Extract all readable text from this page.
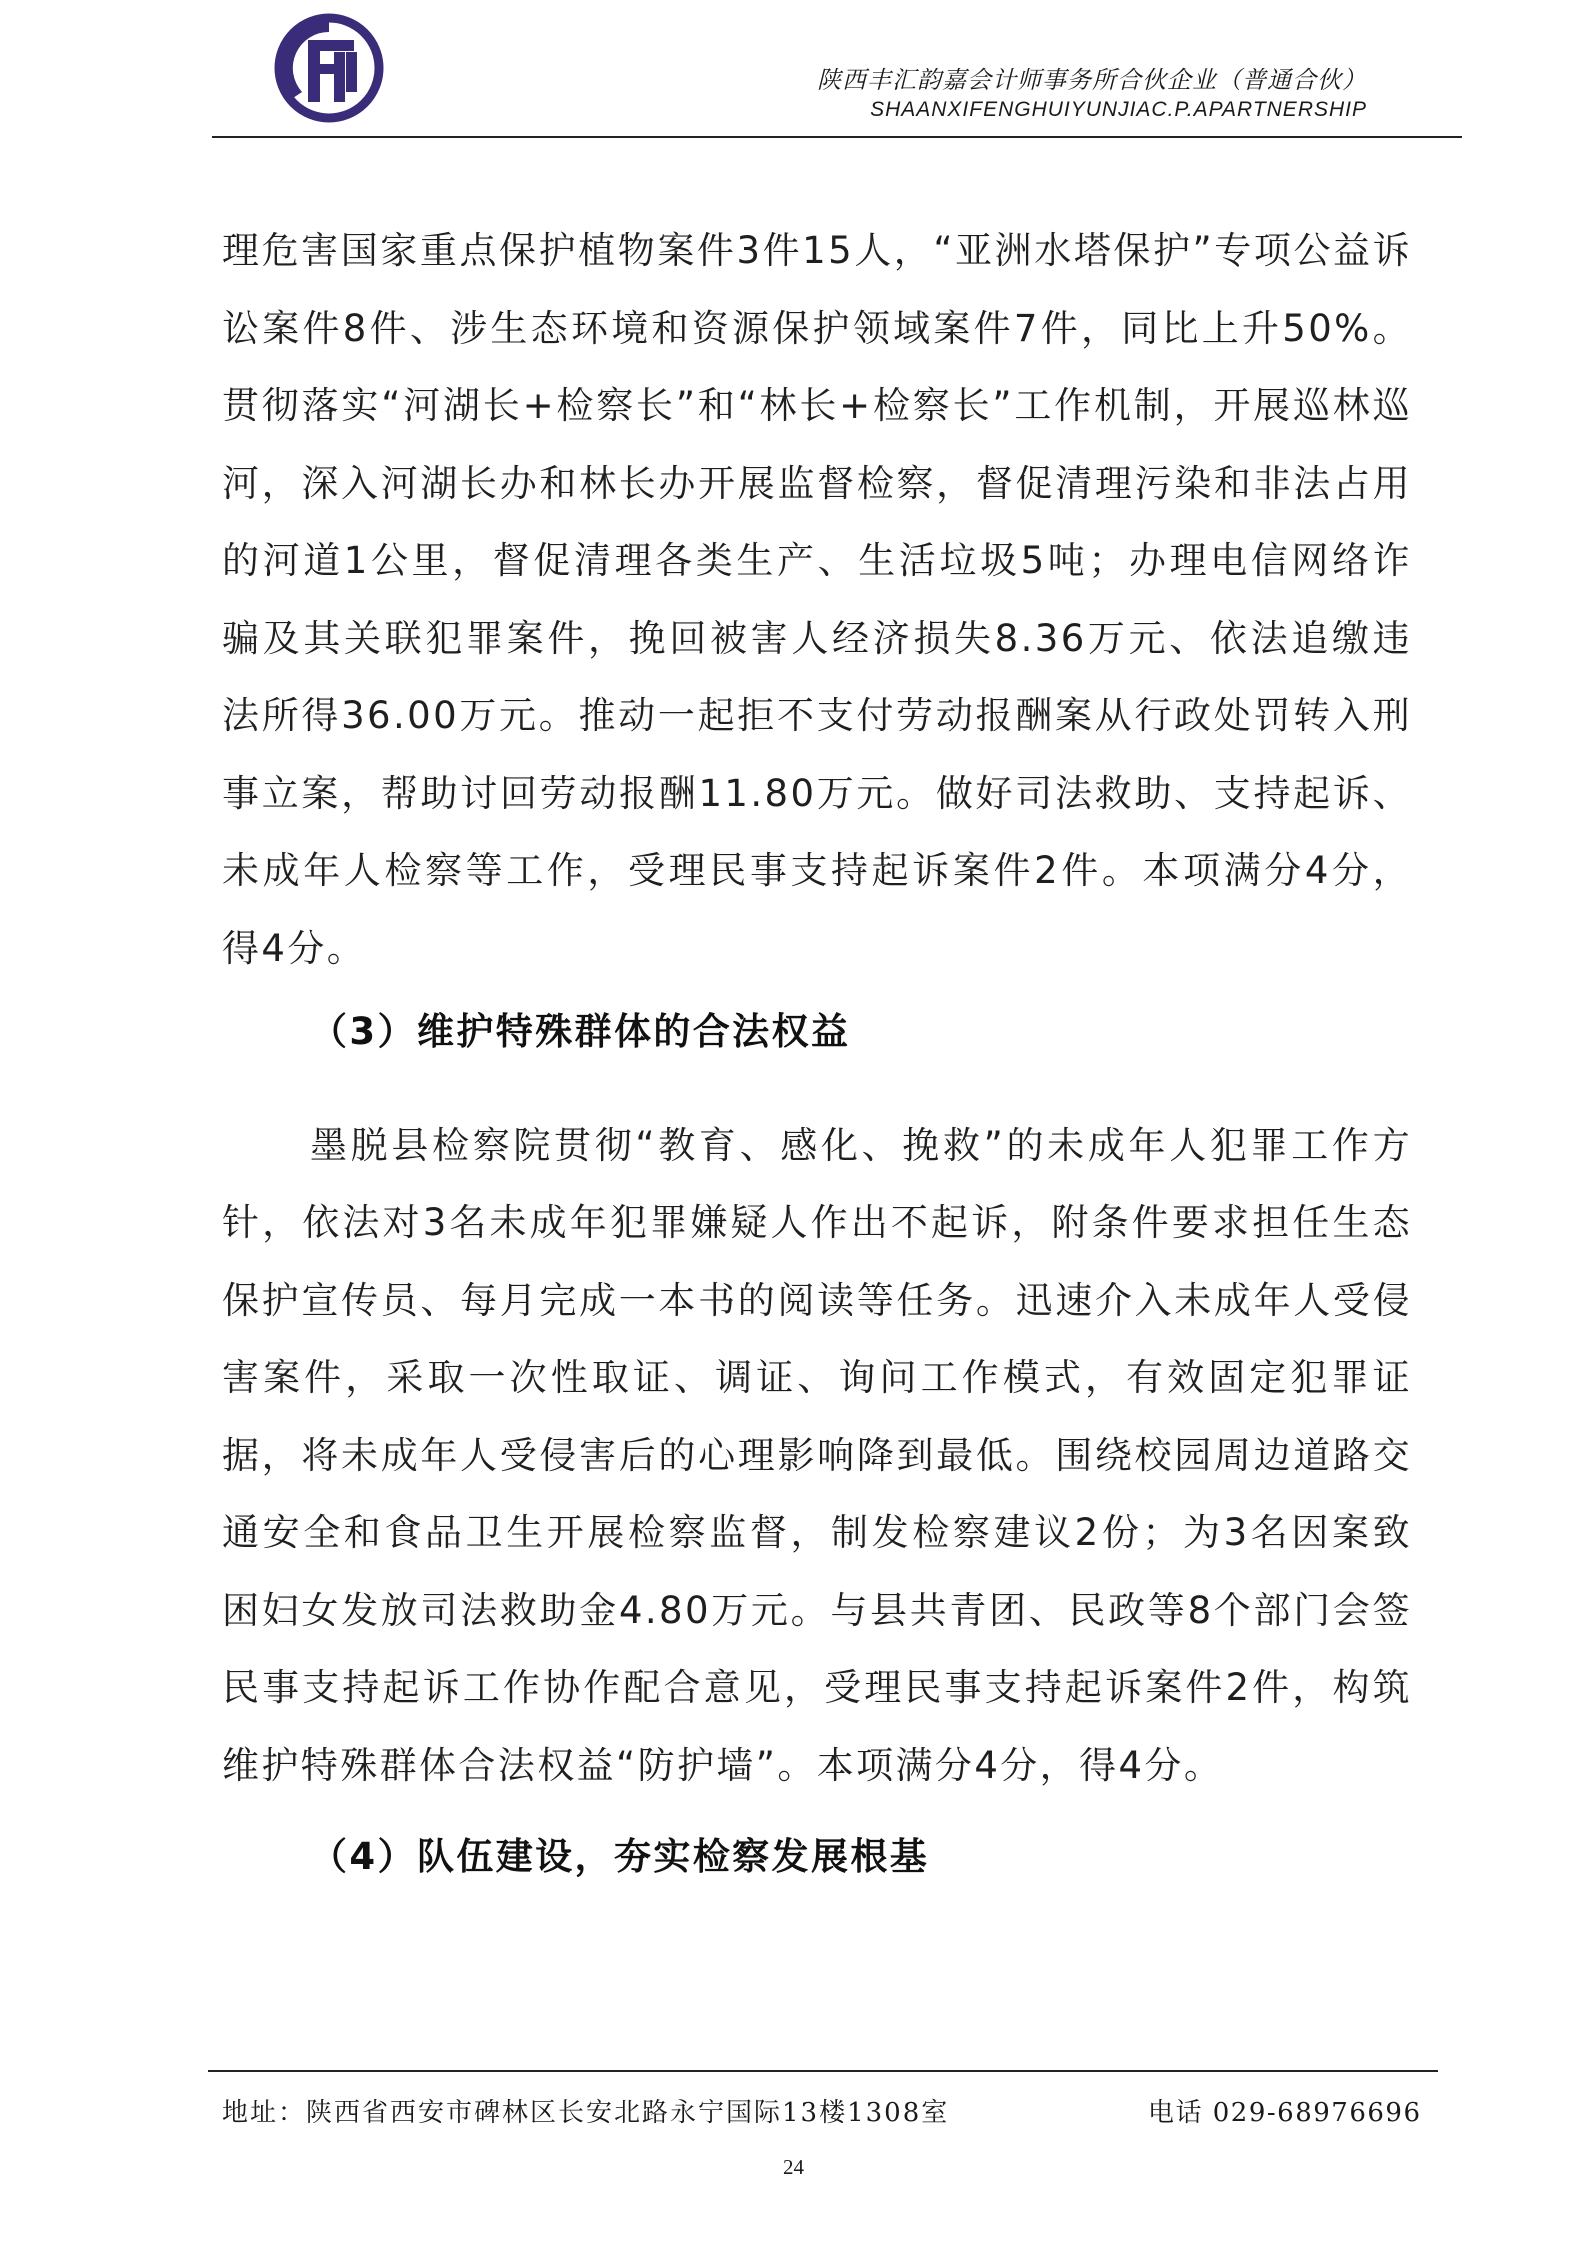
陕西丰汇韵嘉会计师事务所合伙企业（普通合伙）
SHAANXIFENGHUIYUNJIAC.P.APARTNERSHIP

理危害国家重点保护植物案件3件15人，“亚洲水塔保护”专项公益诉讼案件8件、涉生态环境和资源保护领域案件7件，同比上升50%。贯彻落实“河湖长+检察长”和“林长+检察长”工作机制，开展巡林巡河，深入河湖长办和林长办开展监督检察，督促清理污染和非法占用的河道1公里，督促清理各类生产、生活垃圾5吨；办理电信网络诈骗及其关联犯罪案件，挽回被害人经济损失8.36万元、依法追缴违法所得36.00万元。推动一起拒不支付劳动报酬案从行政处罚转入刑事立案，帮助讨回劳动报酬11.80万元。做好司法救助、支持起诉、未成年人检察等工作，受理民事支持起诉案件2件。本项满分4分，得4分。

（3）维护特殊群体的合法权益

墨脱县检察院贯彻“教育、感化、挽救”的未成年人犯罪工作方针，依法对3名未成年犯罪嫌疑人作出不起诉，附条件要求担任生态保护宣传员、每月完成一本书的阅读等任务。迅速介入未成年人受侵害案件，采取一次性取证、调证、询问工作模式，有效固定犯罪证据，将未成年人受侵害后的心理影响降到最低。围绕校园周边道路交通安全和食品卫生开展检察监督，制发检察建议2份；为3名因案致困妇女发放司法救助金4.80万元。与县共青团、民政等8个部门会签民事支持起诉工作协作配合意见，受理民事支持起诉案件2件，构筑维护特殊群体合法权益“防护墙”。本项满分4分，得4分。

（4）队伍建设，夯实检察发展根基

地址：陕西省西安市碑林区长安北路永宁国际13楼1308室	电话 029-68976696
24
